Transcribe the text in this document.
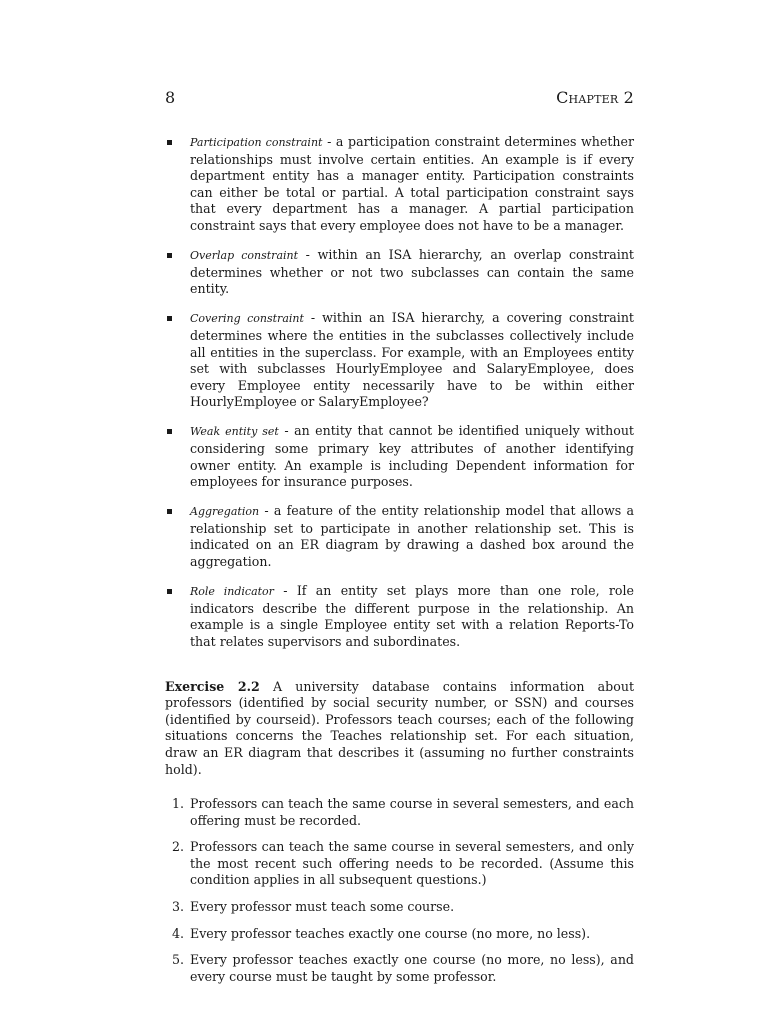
8	Chapter 2
Participation constraint - a participation constraint determines whether relationships must involve certain entities. An example is if every department entity has a manager entity. Participation constraints can either be total or partial. A total participation constraint says that every department has a manager. A partial participation constraint says that every employee does not have to be a manager.
Overlap constraint - within an ISA hierarchy, an overlap constraint determines whether or not two subclasses can contain the same entity.
Covering constraint - within an ISA hierarchy, a covering constraint determines where the entities in the subclasses collectively include all entities in the superclass. For example, with an Employees entity set with subclasses HourlyEmployee and SalaryEmployee, does every Employee entity necessarily have to be within either HourlyEmployee or SalaryEmployee?
Weak entity set - an entity that cannot be identified uniquely without considering some primary key attributes of another identifying owner entity. An example is including Dependent information for employees for insurance purposes.
Aggregation - a feature of the entity relationship model that allows a relationship set to participate in another relationship set. This is indicated on an ER diagram by drawing a dashed box around the aggregation.
Role indicator - If an entity set plays more than one role, role indicators describe the different purpose in the relationship. An example is a single Employee entity set with a relation Reports-To that relates supervisors and subordinates.
Exercise 2.2 A university database contains information about professors (identified by social security number, or SSN) and courses (identified by courseid). Professors teach courses; each of the following situations concerns the Teaches relationship set. For each situation, draw an ER diagram that describes it (assuming no further constraints hold).
1. Professors can teach the same course in several semesters, and each offering must be recorded.
2. Professors can teach the same course in several semesters, and only the most recent such offering needs to be recorded. (Assume this condition applies in all subsequent questions.)
3. Every professor must teach some course.
4. Every professor teaches exactly one course (no more, no less).
5. Every professor teaches exactly one course (no more, no less), and every course must be taught by some professor.
